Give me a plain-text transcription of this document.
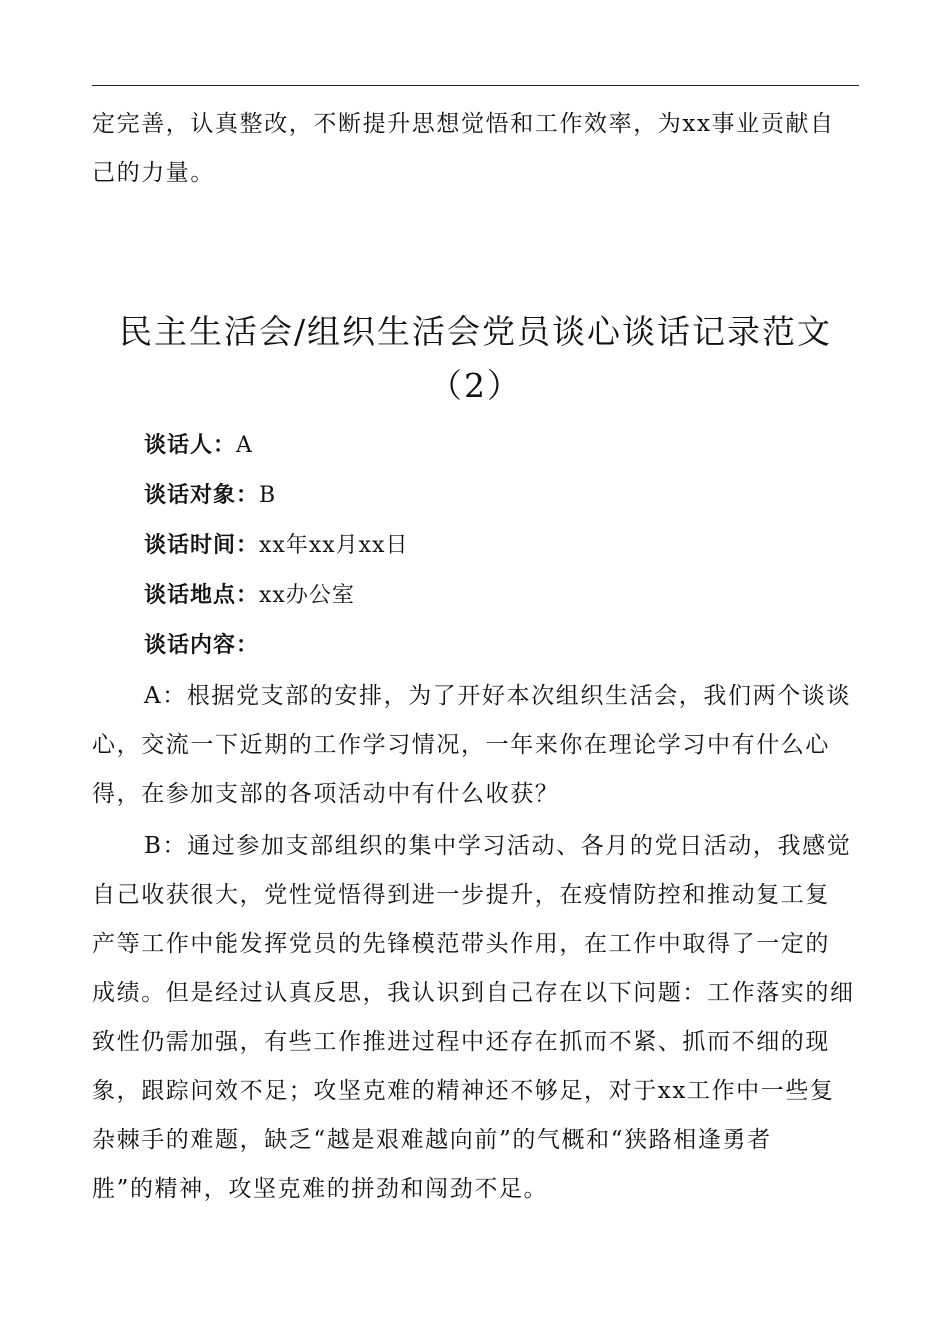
定完善，认真整改，不断提升思想觉悟和工作效率，为xx事业贡献自
己的力量。
民主生活会/组织生活会党员谈心谈话记录范文
（2）
谈话人：A
谈话对象：B
谈话时间：xx年xx月xx日
谈话地点：xx办公室
谈话内容：
A：根据党支部的安排，为了开好本次组织生活会，我们两个谈谈
心，交流一下近期的工作学习情况，一年来你在理论学习中有什么心
得，在参加支部的各项活动中有什么收获？
B：通过参加支部组织的集中学习活动、各月的党日活动，我感觉
自己收获很大，党性觉悟得到进一步提升，在疫情防控和推动复工复
产等工作中能发挥党员的先锋模范带头作用，在工作中取得了一定的
成绩。但是经过认真反思，我认识到自己存在以下问题：工作落实的细
致性仍需加强，有些工作推进过程中还存在抓而不紧、抓而不细的现
象，跟踪问效不足；攻坚克难的精神还不够足，对于xx工作中一些复
杂棘手的难题，缺乏“越是艰难越向前”的气概和“狭路相逢勇者
胜”的精神，攻坚克难的拼劲和闯劲不足。
